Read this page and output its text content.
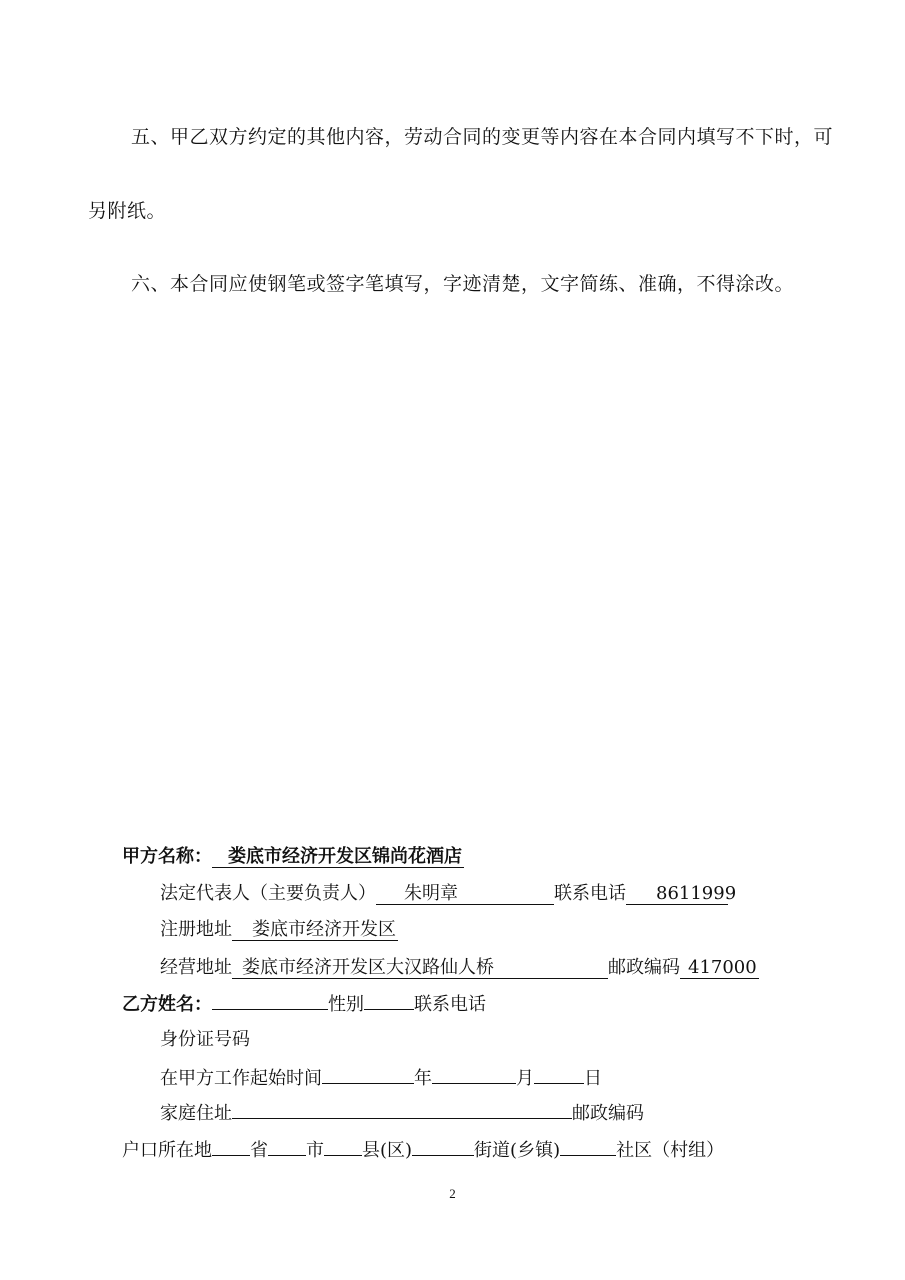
五、甲乙双方约定的其他内容，劳动合同的变更等内容在本合同内填写不下时，可
另附纸。
六、本合同应使钢笔或签字笔填写，字迹清楚，文字简练、准确，不得涂改。
甲方名称： 娄底市经济开发区锦尚花酒店
法定代表人（主要负责人） 朱明章	联系电话 8611999
注册地址 娄底市经济开发区
经营地址 娄底市经济开发区大汉路仙人桥	邮政编码 417000
乙方姓名：	性别	联系电话
身份证号码
在甲方工作起始时间	年	月	日
家庭住址	邮政编码
户口所在地 省 市 县(区)	街道(乡镇)	社区（村组）
2
